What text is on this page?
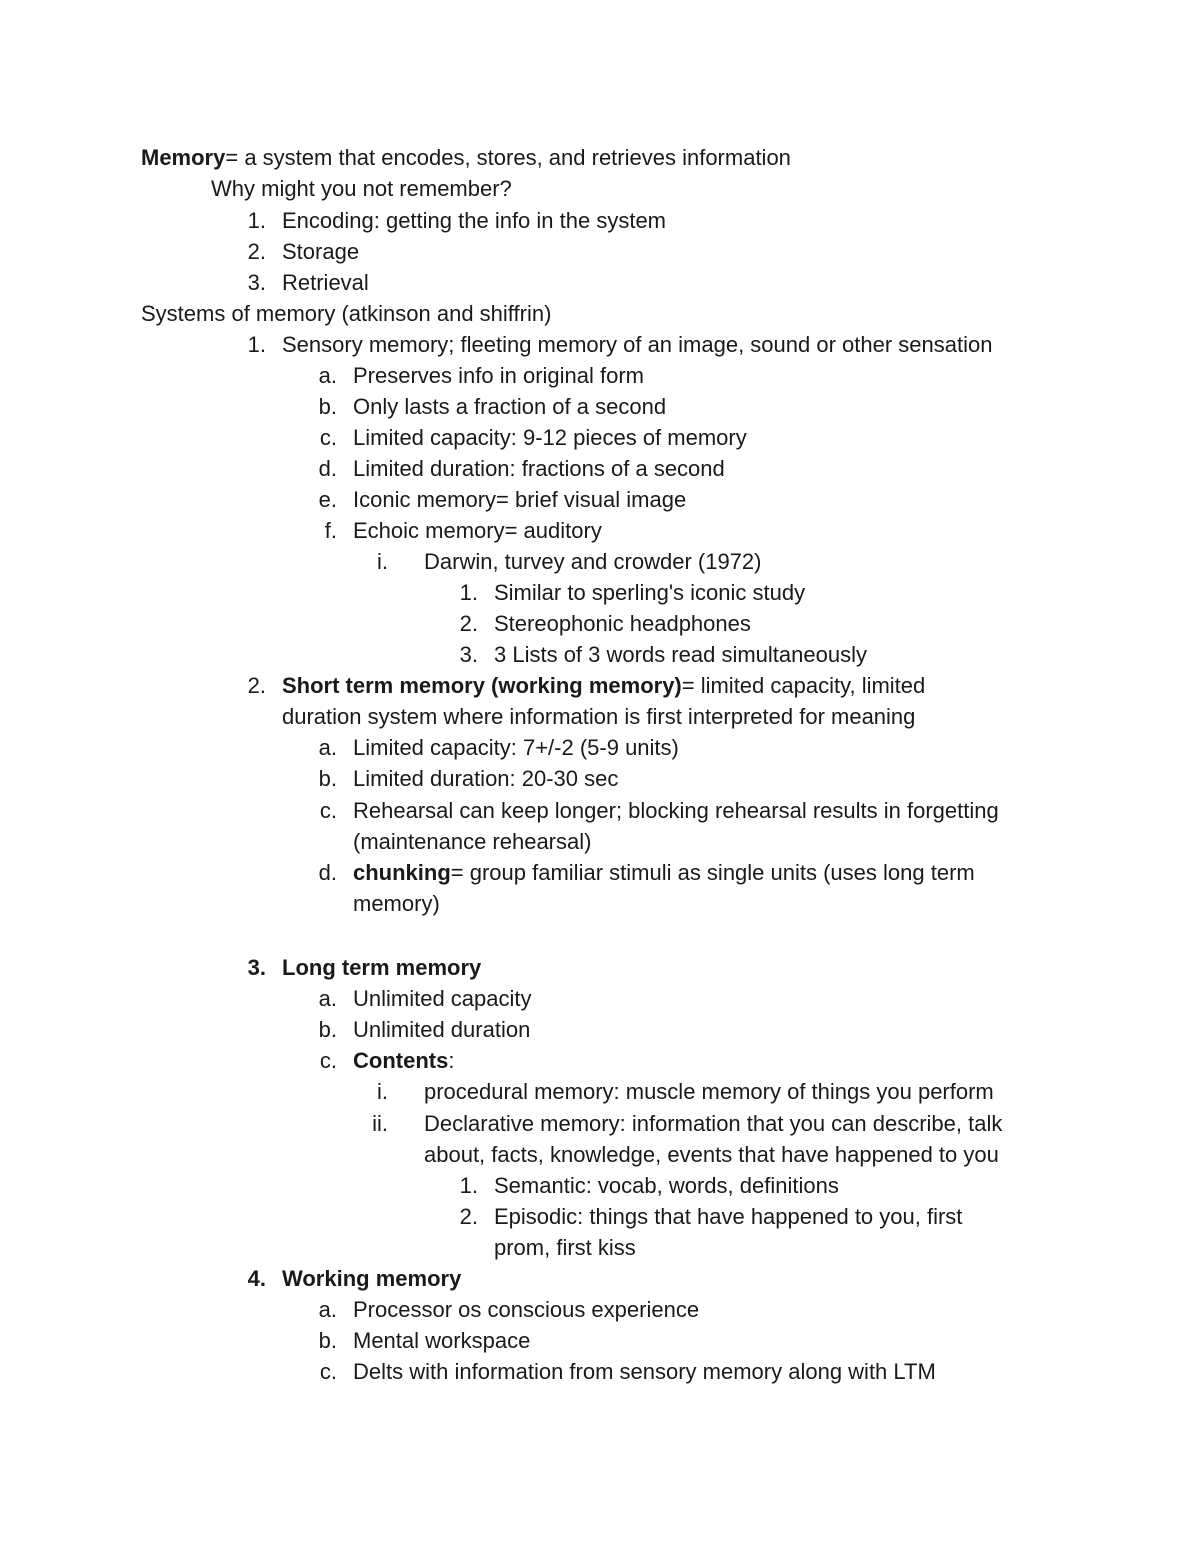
Memory= a system that encodes, stores, and retrieves information
Why might you not remember?
1. Encoding: getting the info in the system
2. Storage
3. Retrieval
Systems of memory (atkinson and shiffrin)
1. Sensory memory; fleeting memory of an image, sound or other sensation
a. Preserves info in original form
b. Only lasts a fraction of a second
c. Limited capacity: 9-12 pieces of memory
d. Limited duration: fractions of a second
e. Iconic memory= brief visual image
f. Echoic memory= auditory
i. Darwin, turvey and crowder (1972)
1. Similar to sperling's iconic study
2. Stereophonic headphones
3. 3 Lists of 3 words read simultaneously
2. Short term memory (working memory)= limited capacity, limited
duration system where information is first interpreted for meaning
a. Limited capacity: 7+/-2 (5-9 units)
b. Limited duration: 20-30 sec
c. Rehearsal can keep longer; blocking rehearsal results in forgetting
(maintenance rehearsal)
d. chunking= group familiar stimuli as single units (uses long term
memory)
3. Long term memory
a. Unlimited capacity
b. Unlimited duration
c. Contents:
i. procedural memory: muscle memory of things you perform
ii. Declarative memory: information that you can describe, talk
about, facts, knowledge, events that have happened to you
1. Semantic: vocab, words, definitions
2. Episodic: things that have happened to you, first
prom, first kiss
4. Working memory
a. Processor os conscious experience
b. Mental workspace
c. Delts with information from sensory memory along with LTM
